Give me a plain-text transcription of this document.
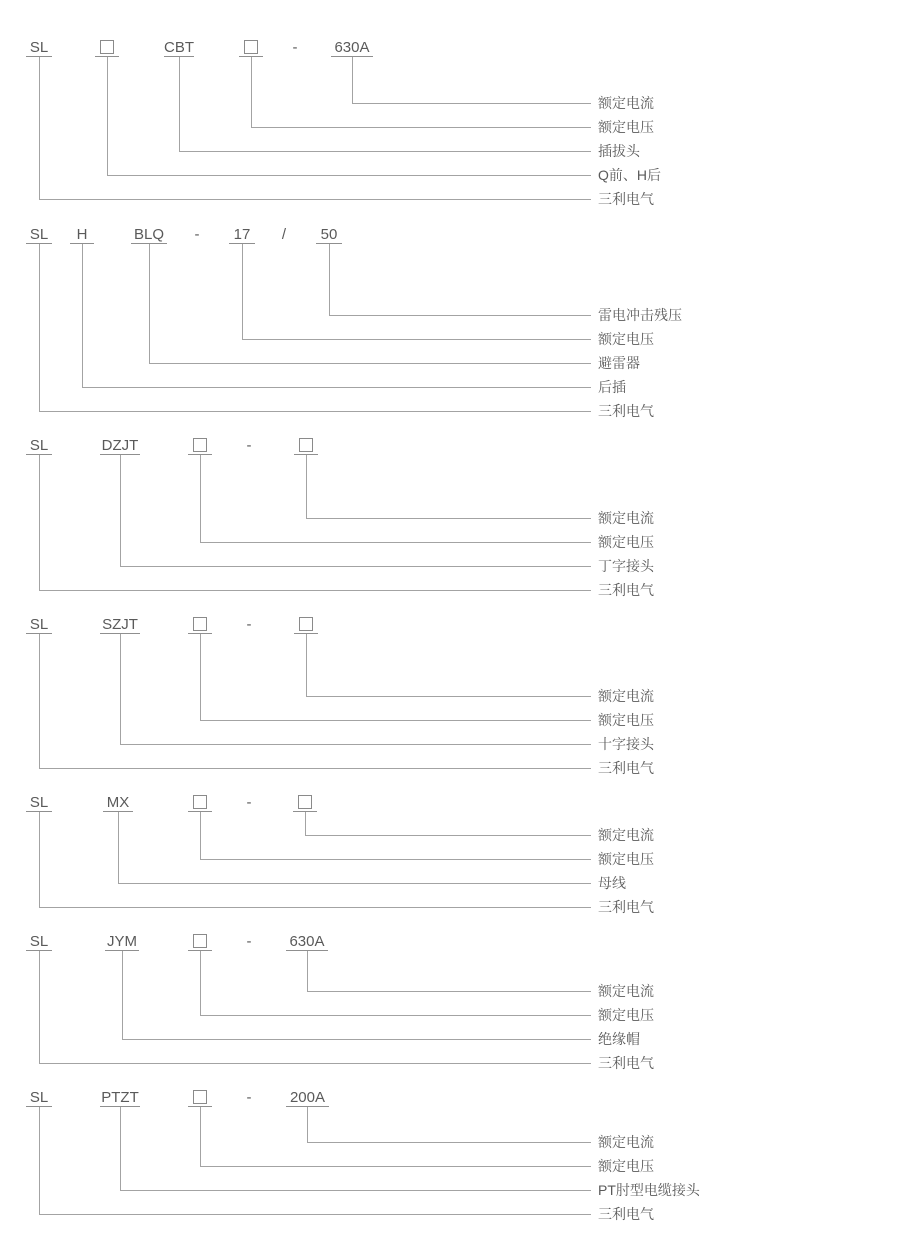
SL	CBT	- 630A
额定电流
额定电压
插拔头
Q前、H后
三利电气
SL	H	BLQ -	17	/	50
雷电冲击残压
额定电压
避雷器
后插
三利电气
SL	DZJT	-
额定电流
额定电压
丁字接头
三利电气
SL	SZJT	-
额定电流
额定电压
十字接头
三利电气
SL	MX	-
额定电流
额定电压
母线
三利电气
SL	JYM	-	630A
额定电流
额定电压
绝缘帽
三利电气
SL	PTZT	-	200A
额定电流
额定电压
PT肘型电缆接头
三利电气
